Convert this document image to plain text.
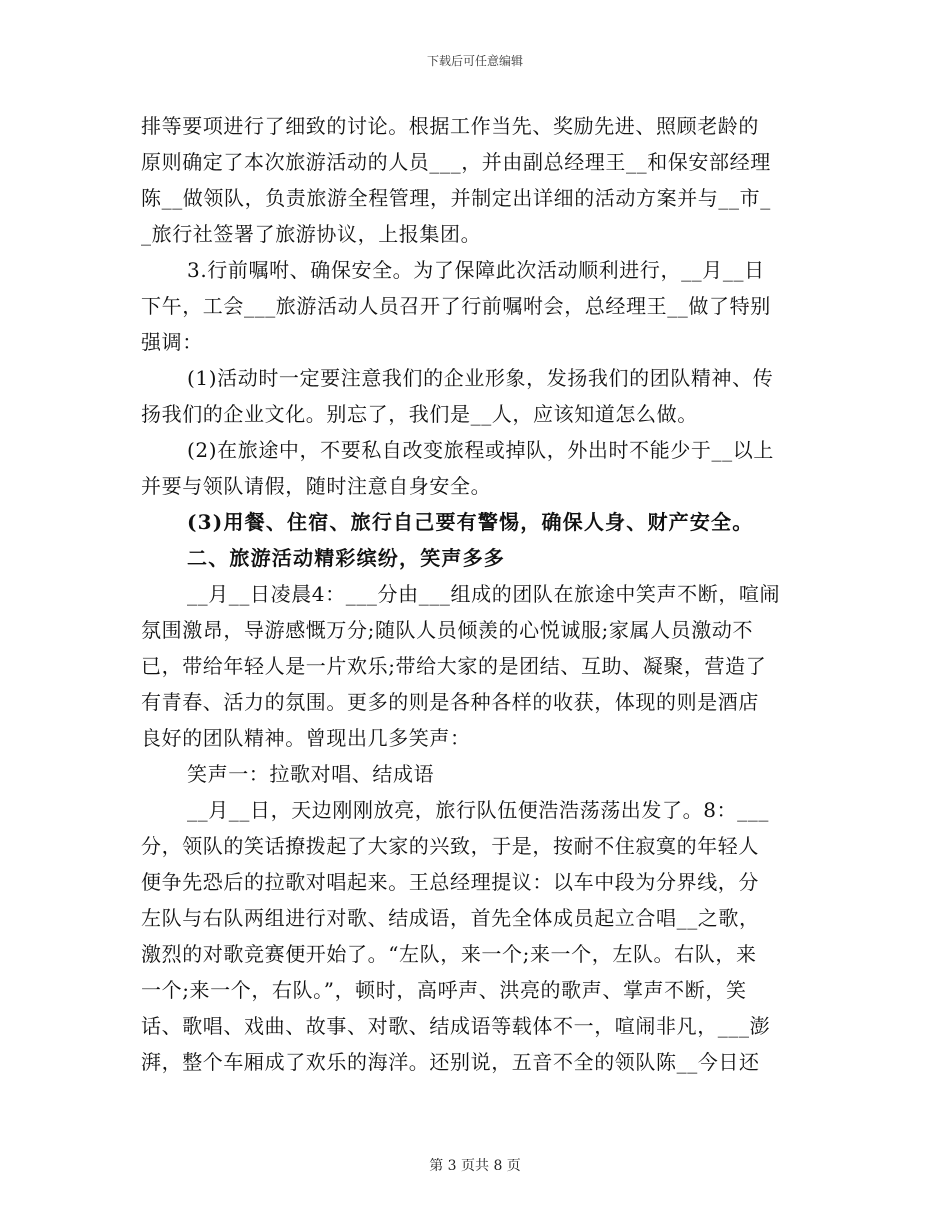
下载后可任意编辑
排等要项进行了细致的讨论。根据工作当先、奖励先进、照顾老龄的
原则确定了本次旅游活动的人员___，并由副总经理王__和保安部经理
陈__做领队，负责旅游全程管理，并制定出详细的活动方案并与__市_
_旅行社签署了旅游协议，上报集团。
3.行前嘱咐、确保安全。为了保障此次活动顺利进行，__月__日
下午，工会___旅游活动人员召开了行前嘱咐会，总经理王__做了特别
强调：
(1)活动时一定要注意我们的企业形象，发扬我们的团队精神、传
扬我们的企业文化。别忘了，我们是__人，应该知道怎么做。
(2)在旅途中，不要私自改变旅程或掉队，外出时不能少于__以上
并要与领队请假，随时注意自身安全。
(3)用餐、住宿、旅行自己要有警惕，确保人身、财产安全。
二、旅游活动精彩缤纷，笑声多多
__月__日凌晨4：___分由___组成的团队在旅途中笑声不断，喧闹
氛围激昂，导游感慨万分;随队人员倾羡的心悦诚服;家属人员激动不
已，带给年轻人是一片欢乐;带给大家的是团结、互助、凝聚，营造了
有青春、活力的氛围。更多的则是各种各样的收获，体现的则是酒店
良好的团队精神。曾现出几多笑声：
笑声一：拉歌对唱、结成语
__月__日，天边刚刚放亮，旅行队伍便浩浩荡荡出发了。8：___
分，领队的笑话撩拨起了大家的兴致，于是，按耐不住寂寞的年轻人
便争先恐后的拉歌对唱起来。王总经理提议：以车中段为分界线，分
左队与右队两组进行对歌、结成语，首先全体成员起立合唱__之歌，
激烈的对歌竞赛便开始了。“左队，来一个;来一个，左队。右队，来
一个;来一个，右队。”，顿时，高呼声、洪亮的歌声、掌声不断，笑
话、歌唱、戏曲、故事、对歌、结成语等载体不一，喧闹非凡，___澎
湃，整个车厢成了欢乐的海洋。还别说，五音不全的领队陈__今日还
第 3 页共 8 页
